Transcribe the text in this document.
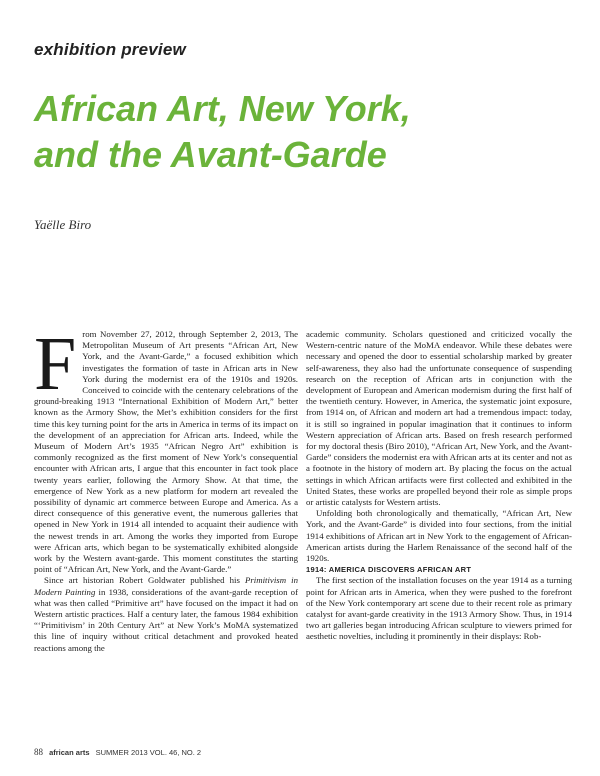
exhibition preview
African Art, New York,
and the Avant-Garde
Yaëlle Biro

From November 27, 2012, through September 2, 2013, The Metropolitan Museum of Art presents “African Art, New York, and the Avant-Garde,” a focused exhibition which investigates the formation of taste in African arts in New York during the modernist era of the 1910s and 1920s. Conceived to coincide with the centenary celebrations of the ground-breaking 1913 “International Exhibition of Modern Art,” better known as the Armory Show, the Met’s exhibition considers for the first time this key turning point for the arts in America in terms of its impact on the development of an appreciation for African arts. Indeed, while the Museum of Modern Art’s 1935 “African Negro Art” exhibition is commonly recognized as the first moment of New York’s consequential encounter with African arts, I argue that this encounter in fact took place twenty years earlier, following the Armory Show. At that time, the emergence of New York as a new platform for modern art revealed the possibility of dynamic art commerce between Europe and America. As a direct consequence of this generative event, the numerous galleries that opened in New York in 1914 all intended to acquaint their audience with the newest trends in art. Among the works they imported from Europe were African arts, which began to be systematically exhibited alongside work by the Western avant-garde. This moment constitutes the starting point of “African Art, New York, and the Avant-Garde.”

Since art historian Robert Goldwater published his Primitivism in Modern Painting in 1938, considerations of the avant-garde reception of what was then called “Primitive art” have focused on the impact it had on Western artistic practices. Half a century later, the famous 1984 exhibition “‘Primitivism’ in 20th Century Art” at New York’s MoMA systematized this line of inquiry without critical detachment and provoked heated reactions among the

academic community. Scholars questioned and criticized vocally the Western-centric nature of the MoMA endeavor. While these debates were necessary and opened the door to essential scholarship marked by greater self-awareness, they also had the unfortunate consequence of suspending research on the reception of African arts in conjunction with the development of European and American modernism during the first half of the twentieth century. However, in America, the systematic joint exposure, from 1914 on, of African and modern art had a tremendous impact: today, it is still so ingrained in popular imagination that it continues to inform Western appreciation of African arts. Based on fresh research performed for my doctoral thesis (Biro 2010), “African Art, New York, and the Avant-Garde” considers the modernist era with African arts at its center and not as a footnote in the history of modern art. By placing the focus on the actual settings in which African artifacts were first collected and exhibited in the United States, these works are propelled beyond their role as simple props or artistic catalysts for Western artists.

Unfolding both chronologically and thematically, “African Art, New York, and the Avant-Garde” is divided into four sections, from the initial 1914 exhibitions of African art in New York to the engagement of African-American artists during the Harlem Renaissance of the second half of the 1920s.

1914: AMERICA DISCOVERS AFRICAN ART

The first section of the installation focuses on the year 1914 as a turning point for African arts in America, when they were pushed to the forefront of the New York contemporary art scene due to their recent role as primary catalyst for avant-garde creativity in the 1913 Armory Show. Thus, in 1914 two art galleries began introducing African sculpture to viewers primed for aesthetic novelties, including it prominently in their displays: Rob-

88 african arts SUMMER 2013 VOL. 46, NO. 2
